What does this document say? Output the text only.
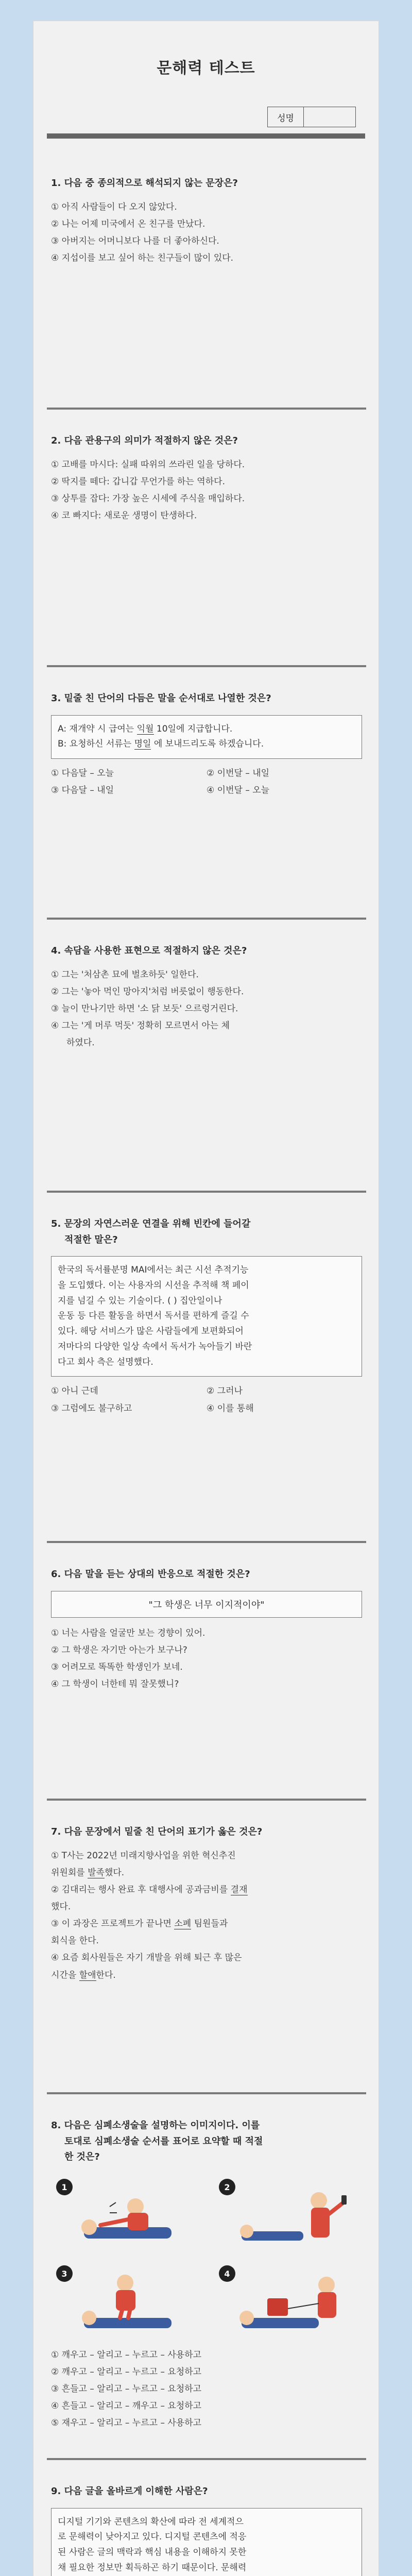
문해력 테스트
성명
1. 다음 중 종의적으로 해석되지 않는 문장은?
① 아직 사람들이 다 오지 않았다.
② 나는 어제 미국에서 온 친구를 만났다.
③ 아버지는 어머니보다 나를 더 좋아하신다.
④ 지섭이를 보고 싶어 하는 친구들이 많이 있다.
2. 다음 관용구의 의미가 적절하지 않은 것은?
① 고배를 마시다: 실패 따위의 쓰라린 일을 당하다.
② 딱지를 떼다: 갑니갑 무언가를 하는 역하다.
③ 상투를 잡다: 가장 높은 시세에 주식을 매입하다.
④ 코 빠지다: 새로운 생명이 탄생하다.
3. 밑줄 친 단어의 다듬은 말을 순서대로 나열한 것은?
A: 재개약 시 급여는 익월 10일에 지급합니다.
B: 요청하신 서류는 명일 에 보내드리도록 하겠습니다.
① 다음달 – 오늘	② 이번달 – 내일
③ 다음달 – 내일	④ 이번달 – 오늘
4. 속담을 사용한 표현으로 적절하지 않은 것은?
① 그는 '처삼촌 묘에 벌초하듯' 일한다.
② 그는 '놓아 먹인 망아지'처럼 버릇없이 행동한다.
③ 늘이 만나기만 하면 '소 닭 보듯' 으르렁거린다.
④ 그는 '게 머루 먹듯' 정확히 모르면서 아는 체
하였다.
5. 문장의 자연스러운 연결을 위해 빈칸에 들어갈
적절한 말은?
한국의 독서률분명 MAI에서는 최근 시선 추적기능
을 도입했다. 이는 사용자의 시선을 추적해 책 페이
지를 넘길 수 있는 기술이다. ( ) 집안일이나
운동 등 다른 활동을 하면서 독서를 편하게 즐길 수
있다. 해당 서비스가 많은 사람들에게 보편화되어
저마다의 다양한 일상 속에서 독서가 녹아들기 바란
다고 회사 측은 설명했다.
① 아니 근데	② 그러나
③ 그럼에도 불구하고	④ 이를 통해
6. 다음 말을 듣는 상대의 반응으로 적절한 것은?
"그 학생은 너무 이지적이야"
① 너는 사람을 얼굴만 보는 경향이 있어.
② 그 학생은 자기만 아는가 보구나?
③ 어려모로 똑똑한 학생인가 보네.
④ 그 학생이 너한테 뭐 잘못했니?
7. 다음 문장에서 밑줄 친 단어의 표기가 옳은 것은?
① T사는 2022년 미래지향사업을 위한 혁신추진
위원회를 발족했다.
② 김대리는 행사 완료 후 대행사에 공과금비를 결재
했다.
③ 이 과장은 프로젝트가 끝나면 소폐 팀원들과
회식을 한다.
④ 요즘 회사원들은 자기 개발을 위해 퇴근 후 많은
시간을 할애한다.
8. 다음은 심폐소생술을 설명하는 이미지이다. 이를
토대로 심폐소생술 순서를 표어로 요약할 때 적절
한 것은?
1	2
3	4
① 깨우고 – 알리고 – 누르고 – 사용하고
② 깨우고 – 알리고 – 누르고 – 요청하고
③ 흔들고 – 알리고 – 누르고 – 요청하고
④ 흔들고 – 알리고 – 깨우고 – 요청하고
⑤ 재우고 – 알리고 – 누르고 – 사용하고
9. 다음 글을 올바르게 이해한 사람은?
디지털 기기와 콘텐츠의 확산에 따라 전 세계적으
로 문해력이 낮아지고 있다. 디지털 콘텐츠에 적응
된 사람은 글의 맥락과 핵심 내용을 이해하지 못한
채 필요한 정보만 획득하곤 하기 때문이다. 문해력
